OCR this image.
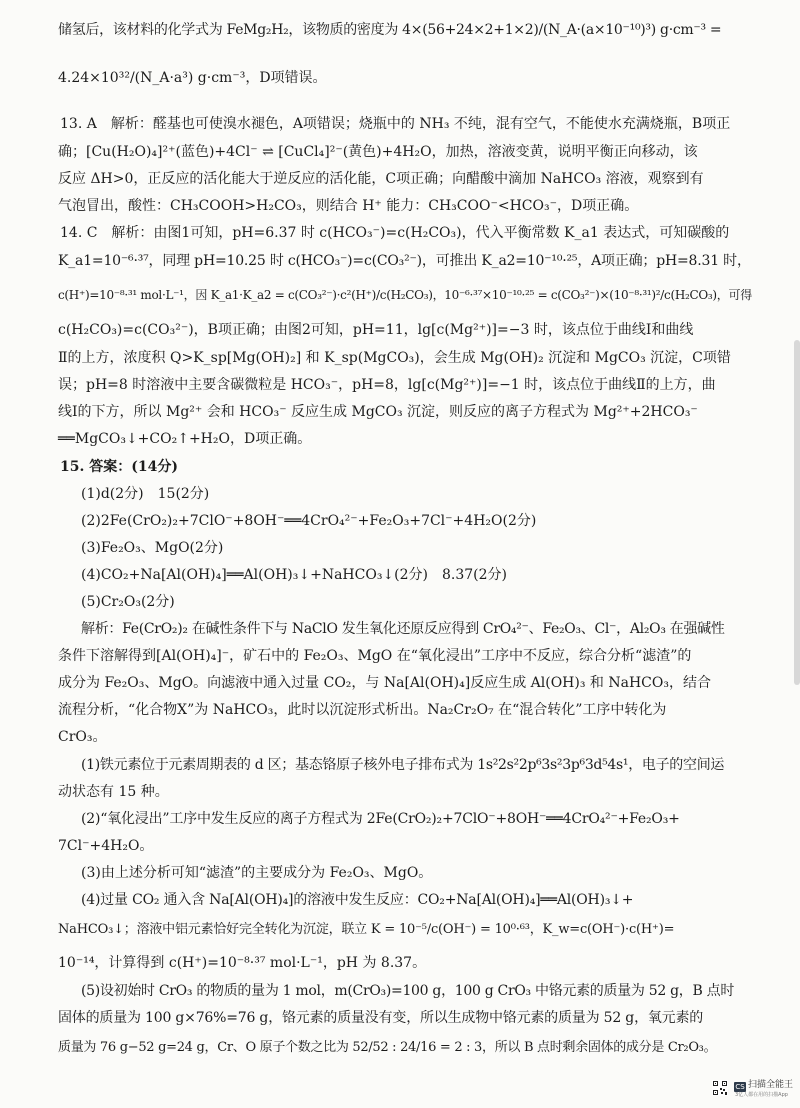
储氢后，该材料的化学式为 FeMg₂H₂，该物质的密度为 4×(56+24×2+1×2)/(N_A·(a×10⁻¹⁰)³) g·cm⁻³ =
4.24×10³²/(N_A·a³) g·cm⁻³，D项错误。
13. A　解析：醛基也可使溴水褪色，A项错误；烧瓶中的 NH₃ 不纯，混有空气，不能使水充满烧瓶，B项正
确；[Cu(H₂O)₄]²⁺(蓝色)+4Cl⁻ ⇌ [CuCl₄]²⁻(黄色)+4H₂O，加热，溶液变黄，说明平衡正向移动，该
反应 ΔH>0，正反应的活化能大于逆反应的活化能，C项正确；向醋酸中滴加 NaHCO₃ 溶液，观察到有
气泡冒出，酸性：CH₃COOH>H₂CO₃，则结合 H⁺ 能力：CH₃COO⁻<HCO₃⁻，D项正确。
14. C　解析：由图1可知，pH=6.37 时 c(HCO₃⁻)=c(H₂CO₃)，代入平衡常数 K_a1 表达式，可知碳酸的
K_a1=10⁻⁶·³⁷，同理 pH=10.25 时 c(HCO₃⁻)=c(CO₃²⁻)，可推出 K_a2=10⁻¹⁰·²⁵，A项正确；pH=8.31 时，
c(H⁺)=10⁻⁸·³¹ mol·L⁻¹，因 K_a1·K_a2 = c(CO₃²⁻)·c²(H⁺)/c(H₂CO₃)，10⁻⁶·³⁷×10⁻¹⁰·²⁵ = c(CO₃²⁻)×(10⁻⁸·³¹)²/c(H₂CO₃)，可得
c(H₂CO₃)=c(CO₃²⁻)，B项正确；由图2可知，pH=11，lg[c(Mg²⁺)]=−3 时，该点位于曲线Ⅰ和曲线
Ⅱ的上方，浓度积 Q>K_sp[Mg(OH)₂] 和 K_sp(MgCO₃)，会生成 Mg(OH)₂ 沉淀和 MgCO₃ 沉淀，C项错
误；pH=8 时溶液中主要含碳微粒是 HCO₃⁻，pH=8，lg[c(Mg²⁺)]=−1 时，该点位于曲线Ⅱ的上方，曲
线Ⅰ的下方，所以 Mg²⁺ 会和 HCO₃⁻ 反应生成 MgCO₃ 沉淀，则反应的离子方程式为 Mg²⁺+2HCO₃⁻
══MgCO₃↓+CO₂↑+H₂O，D项正确。
15. 答案：(14分)
(1)d(2分)　15(2分)
(2)2Fe(CrO₂)₂+7ClO⁻+8OH⁻══4CrO₄²⁻+Fe₂O₃+7Cl⁻+4H₂O(2分)
(3)Fe₂O₃、MgO(2分)
(4)CO₂+Na[Al(OH)₄]══Al(OH)₃↓+NaHCO₃↓(2分)　8.37(2分)
(5)Cr₂O₃(2分)
解析：Fe(CrO₂)₂ 在碱性条件下与 NaClO 发生氧化还原反应得到 CrO₄²⁻、Fe₂O₃、Cl⁻，Al₂O₃ 在强碱性
条件下溶解得到[Al(OH)₄]⁻，矿石中的 Fe₂O₃、MgO 在“氧化浸出”工序中不反应，综合分析“滤渣”的
成分为 Fe₂O₃、MgO。向滤液中通入过量 CO₂，与 Na[Al(OH)₄]反应生成 Al(OH)₃ 和 NaHCO₃，结合
流程分析，“化合物X”为 NaHCO₃，此时以沉淀形式析出。Na₂Cr₂O₇ 在“混合转化”工序中转化为
CrO₃。
(1)铁元素位于元素周期表的 d 区；基态铬原子核外电子排布式为 1s²2s²2p⁶3s²3p⁶3d⁵4s¹，电子的空间运
动状态有 15 种。
(2)“氧化浸出”工序中发生反应的离子方程式为 2Fe(CrO₂)₂+7ClO⁻+8OH⁻══4CrO₄²⁻+Fe₂O₃+
7Cl⁻+4H₂O。
(3)由上述分析可知“滤渣”的主要成分为 Fe₂O₃、MgO。
(4)过量 CO₂ 通入含 Na[Al(OH)₄]的溶液中发生反应：CO₂+Na[Al(OH)₄]══Al(OH)₃↓+
NaHCO₃↓；溶液中铝元素恰好完全转化为沉淀，联立 K = 10⁻⁵/c(OH⁻) = 10⁰·⁶³，K_w=c(OH⁻)·c(H⁺)=
10⁻¹⁴，计算得到 c(H⁺)=10⁻⁸·³⁷ mol·L⁻¹，pH 为 8.37。
(5)设初始时 CrO₃ 的物质的量为 1 mol，m(CrO₃)=100 g，100 g CrO₃ 中铬元素的质量为 52 g，B 点时
固体的质量为 100 g×76%=76 g，铬元素的质量没有变，所以生成物中铬元素的质量为 52 g，氧元素的
质量为 76 g−52 g=24 g，Cr、O 原子个数之比为 52/52 : 24/16 = 2 : 3，所以 B 点时剩余固体的成分是 Cr₂O₃。
CS 扫描全能王
3亿人都在用的扫描App
